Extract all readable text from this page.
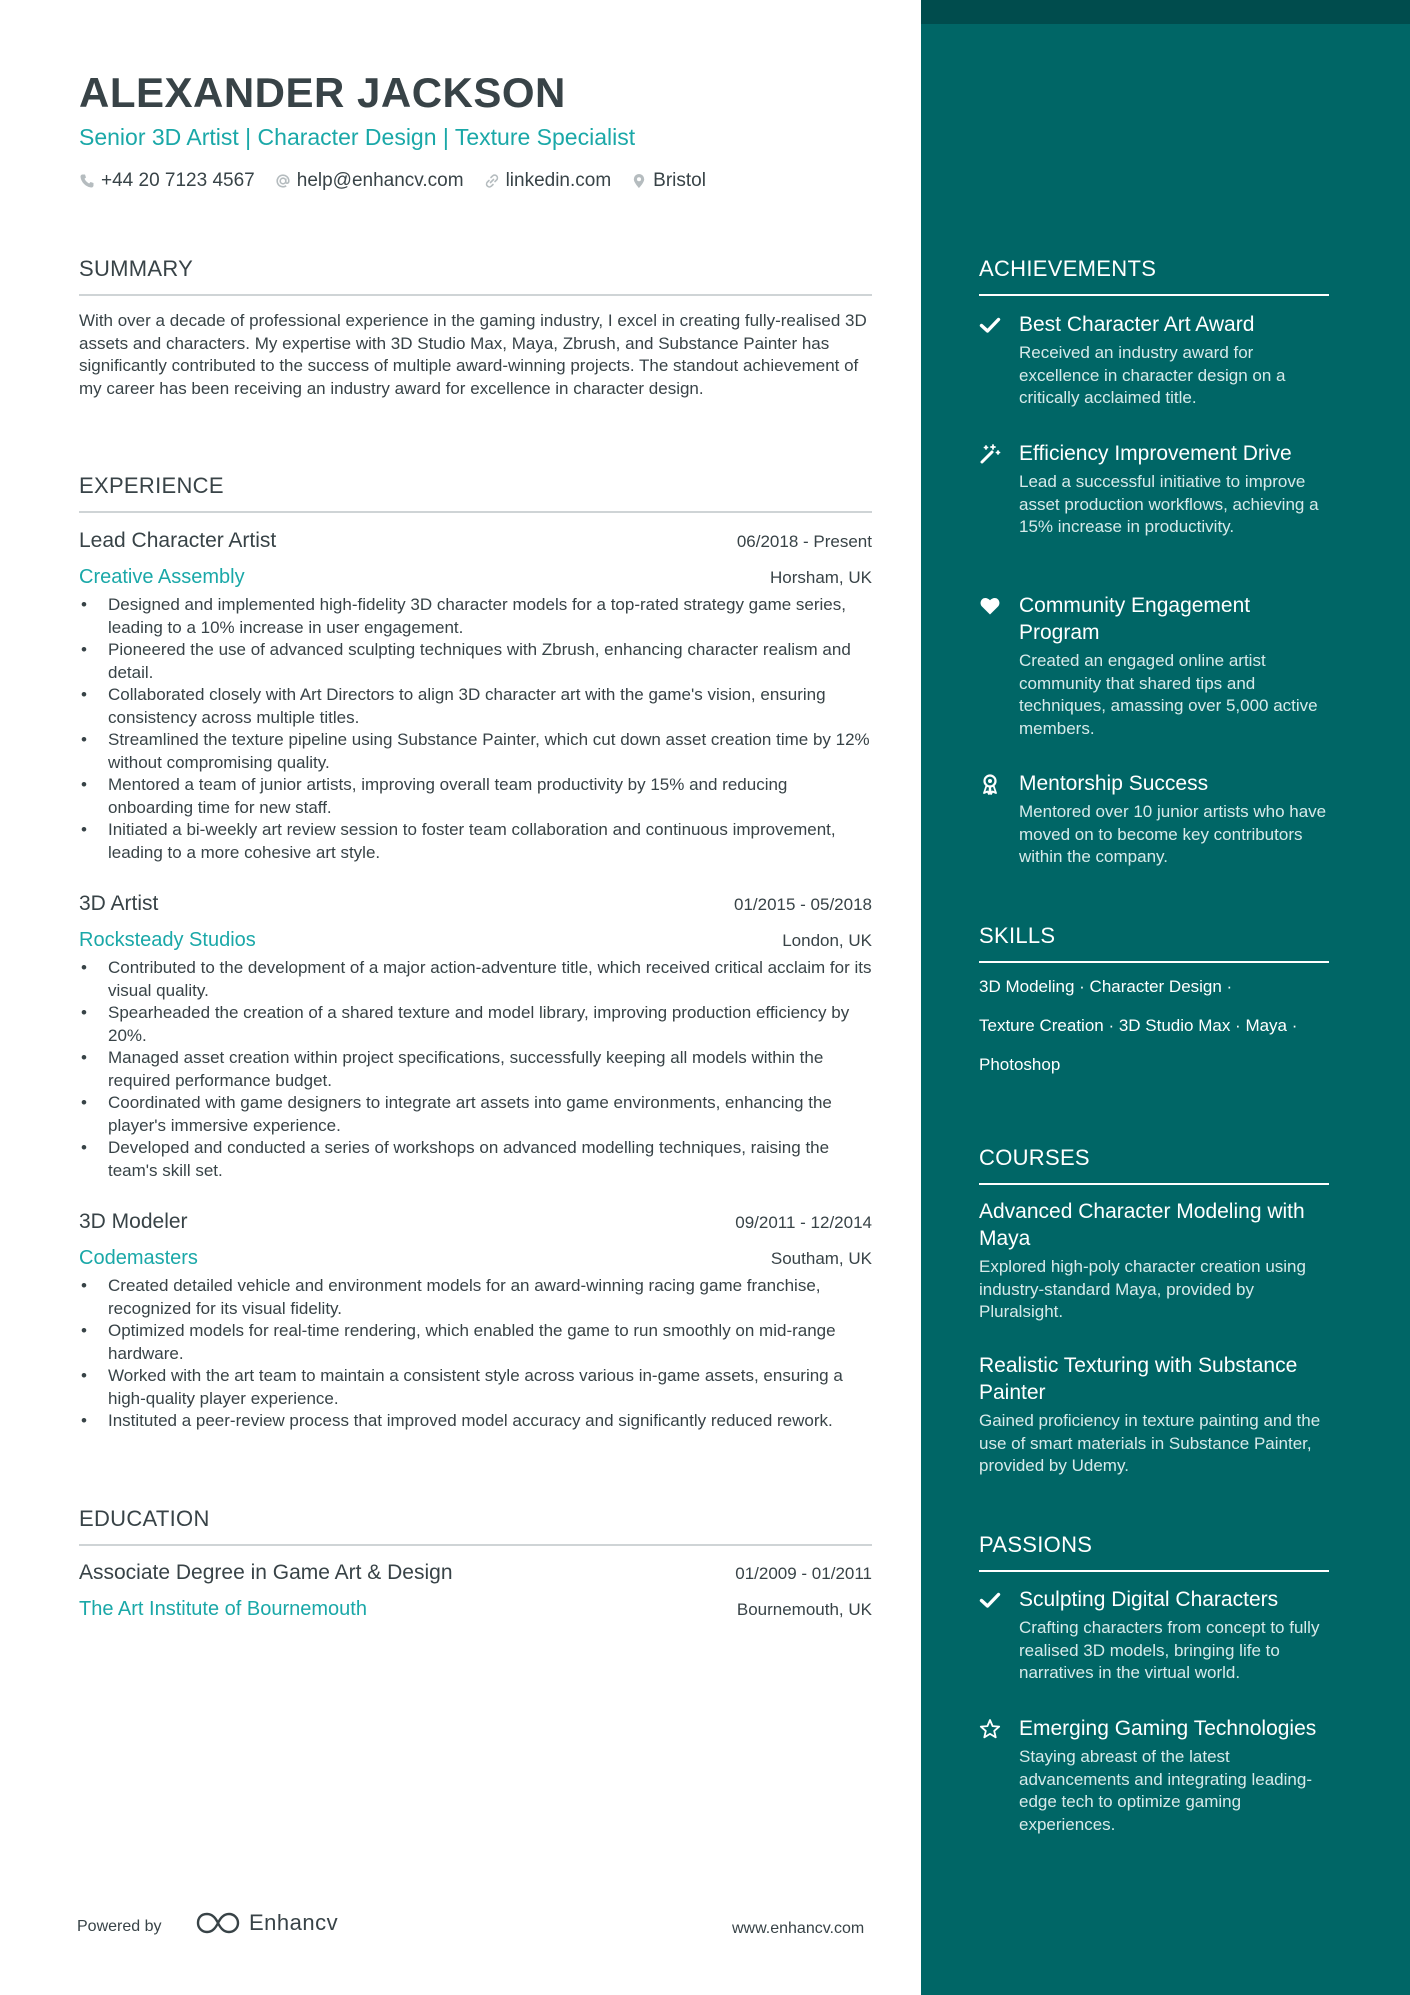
ALEXANDER JACKSON
Senior 3D Artist | Character Design | Texture Specialist
+44 20 7123 4567 help@enhancv.com linkedin.com Bristol
SUMMARY
With over a decade of professional experience in the gaming industry, I excel in creating fully-realised 3D assets and characters. My expertise with 3D Studio Max, Maya, Zbrush, and Substance Painter has significantly contributed to the success of multiple award-winning projects. The standout achievement of my career has been receiving an industry award for excellence in character design.
EXPERIENCE
Lead Character Artist	06/2018 - Present
Creative Assembly	Horsham, UK
• Designed and implemented high-fidelity 3D character models for a top-rated strategy game series, leading to a 10% increase in user engagement.
• Pioneered the use of advanced sculpting techniques with Zbrush, enhancing character realism and detail.
• Collaborated closely with Art Directors to align 3D character art with the game's vision, ensuring consistency across multiple titles.
• Streamlined the texture pipeline using Substance Painter, which cut down asset creation time by 12% without compromising quality.
• Mentored a team of junior artists, improving overall team productivity by 15% and reducing onboarding time for new staff.
• Initiated a bi-weekly art review session to foster team collaboration and continuous improvement, leading to a more cohesive art style.
3D Artist	01/2015 - 05/2018
Rocksteady Studios	London, UK
• Contributed to the development of a major action-adventure title, which received critical acclaim for its visual quality.
• Spearheaded the creation of a shared texture and model library, improving production efficiency by 20%.
• Managed asset creation within project specifications, successfully keeping all models within the required performance budget.
• Coordinated with game designers to integrate art assets into game environments, enhancing the player's immersive experience.
• Developed and conducted a series of workshops on advanced modelling techniques, raising the team's skill set.
3D Modeler	09/2011 - 12/2014
Codemasters	Southam, UK
• Created detailed vehicle and environment models for an award-winning racing game franchise, recognized for its visual fidelity.
• Optimized models for real-time rendering, which enabled the game to run smoothly on mid-range hardware.
• Worked with the art team to maintain a consistent style across various in-game assets, ensuring a high-quality player experience.
• Instituted a peer-review process that improved model accuracy and significantly reduced rework.
EDUCATION
Associate Degree in Game Art & Design	01/2009 - 01/2011
The Art Institute of Bournemouth	Bournemouth, UK
Powered by	Enhancv	www.enhancv.com
ACHIEVEMENTS
Best Character Art Award
Received an industry award for excellence in character design on a critically acclaimed title.
Efficiency Improvement Drive
Lead a successful initiative to improve asset production workflows, achieving a 15% increase in productivity.
Community Engagement Program
Created an engaged online artist community that shared tips and techniques, amassing over 5,000 active members.
Mentorship Success
Mentored over 10 junior artists who have moved on to become key contributors within the company.
SKILLS
3D Modeling · Character Design ·
Texture Creation · 3D Studio Max · Maya ·
Photoshop
COURSES
Advanced Character Modeling with Maya
Explored high-poly character creation using industry-standard Maya, provided by Pluralsight.
Realistic Texturing with Substance Painter
Gained proficiency in texture painting and the use of smart materials in Substance Painter, provided by Udemy.
PASSIONS
Sculpting Digital Characters
Crafting characters from concept to fully realised 3D models, bringing life to narratives in the virtual world.
Emerging Gaming Technologies
Staying abreast of the latest advancements and integrating leading-edge tech to optimize gaming experiences.
